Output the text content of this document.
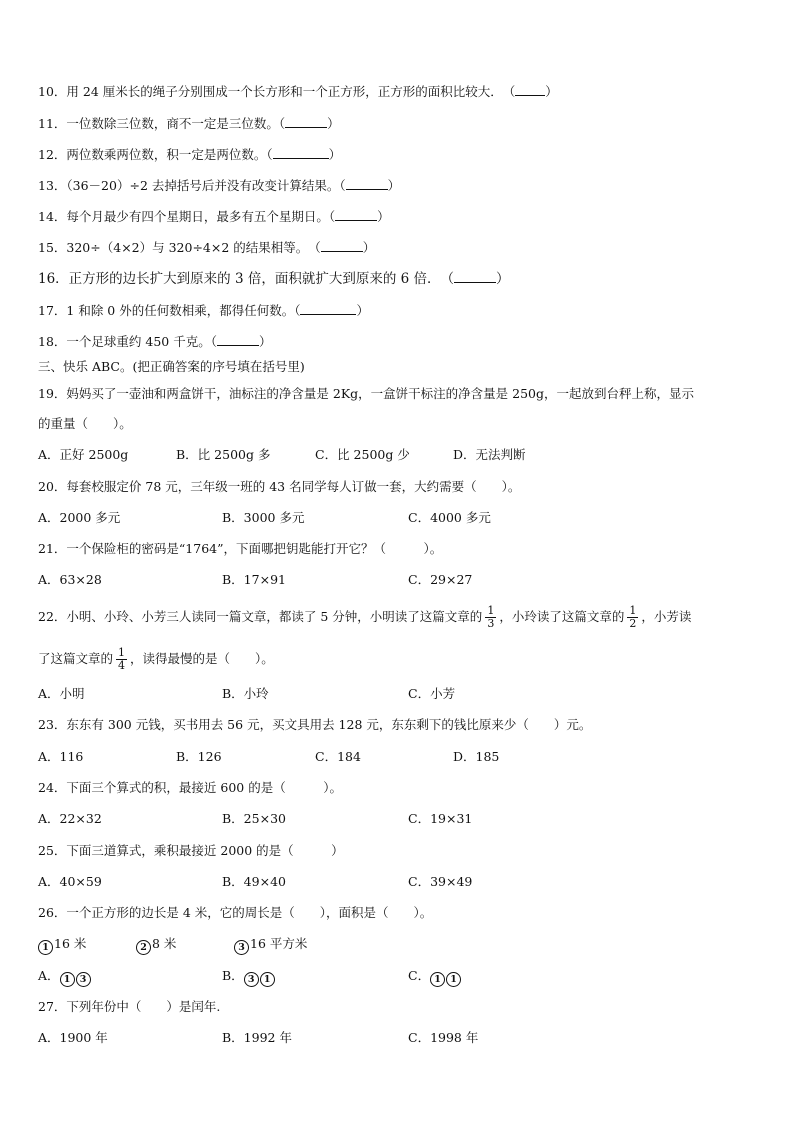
10．用 24 厘米长的绳子分别围成一个长方形和一个正方形，正方形的面积比较大．　（ ）
11．一位数除三位数，商不一定是三位数。（	）
12．两位数乘两位数，积一定是两位数。（	）
13．（36－20）÷2 去掉括号后并没有改变计算结果。（	）
14．每个月最少有四个星期日，最多有五个星期日。（	）
15．320÷（4×2）与 320÷4×2 的结果相等。　（	）
16．正方形的边长扩大到原来的 3 倍，面积就扩大到原来的 6 倍．　（	）
17．1 和除 0 外的任何数相乘，都得任何数。（	）
18．一个足球重约 450 千克。（	）
三、快乐 ABC。(把正确答案的序号填在括号里)
19．妈妈买了一壶油和两盒饼干，油标注的净含量是 2Kg，一盒饼干标注的净含量是 250g，一起放到台秤上称，显示
的重量（　　）。
A．正好 2500g	B．比 2500g 多	C．比 2500g 少	D．无法判断
20．每套校服定价 78 元，三年级一班的 43 名同学每人订做一套，大约需要（　　）。
A．2000 多元	B．3000 多元	C．4000 多元
21．一个保险柜的密码是“1764”，下面哪把钥匙能打开它？（　　　）。
A．63×28	B．17×91	C．29×27
22．小明、小玲、小芳三人读同一篇文章，都读了 5 分钟，小明读了这篇文章的 $\frac{1}{3}$ ，小玲读了这篇文章的 $\frac{1}{2}$ ，小芳读
了这篇文章的 $\frac{1}{4}$ ，读得最慢的是（　　）。
A．小明	B．小玲	C．小芳
23．东东有 300 元钱，买书用去 56 元，买文具用去 128 元，东东剩下的钱比原来少（　　）元。
A．116	B．126	C．184	D．185
24．下面三个算式的积，最接近 600 的是（　　　）。
A．22×32	B．25×30	C．19×31
25．下面三道算式，乘积最接近 2000 的是（　　　）
A．40×59	B．49×40	C．39×49
26．一个正方形的边长是 4 米，它的周长是（　　），面积是（　　）。
1 16 米	2 8 米	3 16 平方米
A． 1 3	B． 3 1	C． 1 1
27．下列年份中（　　）是闰年.
A．1900 年	B．1992 年	C．1998 年
